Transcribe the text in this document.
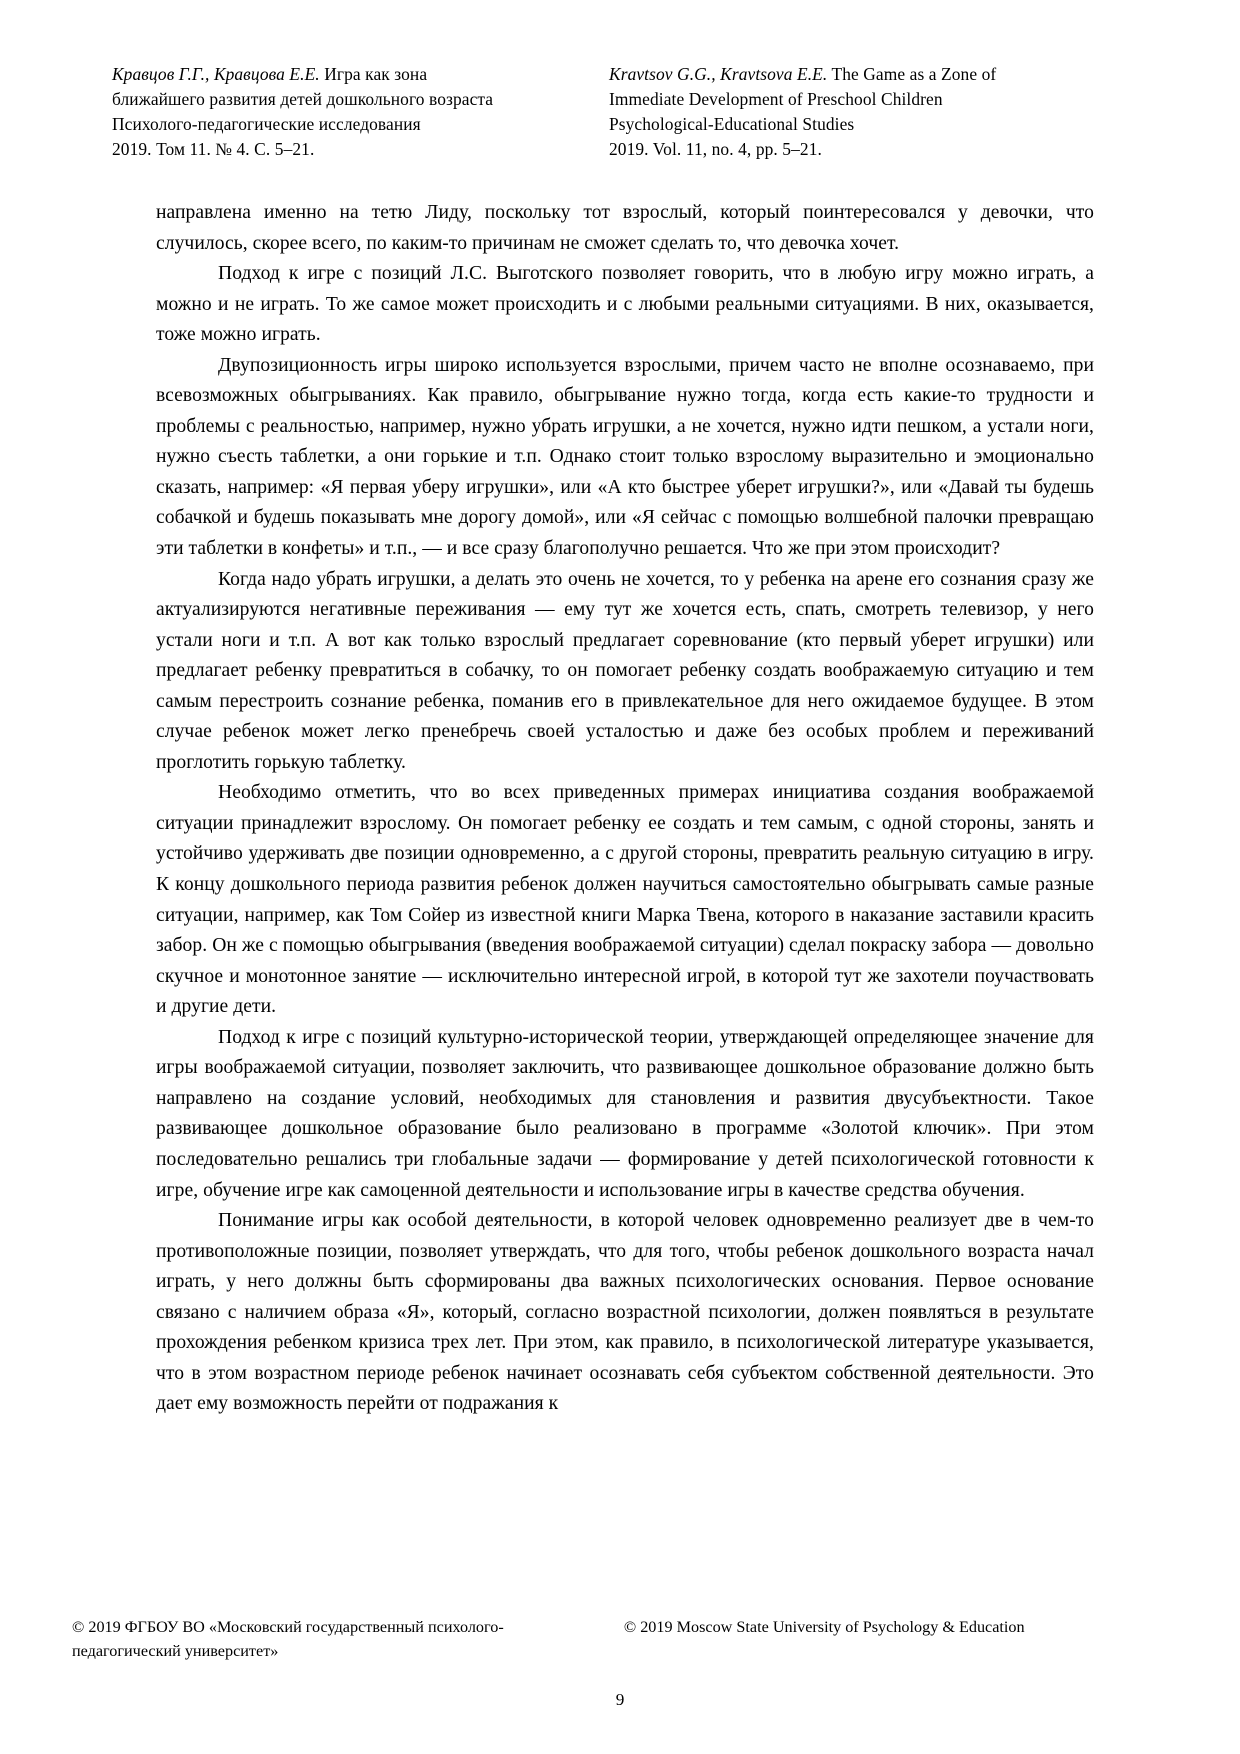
Кравцов Г.Г., Кравцова Е.Е. Игра как зона
ближайшего развития детей дошкольного возраста
Психолого-педагогические исследования
2019. Том 11. № 4. С. 5–21.
Kravtsov G.G., Kravtsova E.E. The Game as a Zone of
Immediate Development of Preschool Children
Psychological-Educational Studies
2019. Vol. 11, no. 4, pp. 5–21.

направлена именно на тетю Лиду, поскольку тот взрослый, который поинтересовался у девочки, что случилось, скорее всего, по каким-то причинам не сможет сделать то, что девочка хочет.

Подход к игре с позиций Л.С. Выготского позволяет говорить, что в любую игру можно играть, а можно и не играть. То же самое может происходить и с любыми реальными ситуациями. В них, оказывается, тоже можно играть.

Двупозиционность игры широко используется взрослыми, причем часто не вполне осознаваемо, при всевозможных обыгрываниях. Как правило, обыгрывание нужно тогда, когда есть какие-то трудности и проблемы с реальностью, например, нужно убрать игрушки, а не хочется, нужно идти пешком, а устали ноги, нужно съесть таблетки, а они горькие и т.п. Однако стоит только взрослому выразительно и эмоционально сказать, например: «Я первая уберу игрушки», или «А кто быстрее уберет игрушки?», или «Давай ты будешь собачкой и будешь показывать мне дорогу домой», или «Я сейчас с помощью волшебной палочки превращаю эти таблетки в конфеты» и т.п., — и все сразу благополучно решается. Что же при этом происходит?

Когда надо убрать игрушки, а делать это очень не хочется, то у ребенка на арене его сознания сразу же актуализируются негативные переживания — ему тут же хочется есть, спать, смотреть телевизор, у него устали ноги и т.п. А вот как только взрослый предлагает соревнование (кто первый уберет игрушки) или предлагает ребенку превратиться в собачку, то он помогает ребенку создать воображаемую ситуацию и тем самым перестроить сознание ребенка, поманив его в привлекательное для него ожидаемое будущее. В этом случае ребенок может легко пренебречь своей усталостью и даже без особых проблем и переживаний проглотить горькую таблетку.

Необходимо отметить, что во всех приведенных примерах инициатива создания воображаемой ситуации принадлежит взрослому. Он помогает ребенку ее создать и тем самым, с одной стороны, занять и устойчиво удерживать две позиции одновременно, а с другой стороны, превратить реальную ситуацию в игру. К концу дошкольного периода развития ребенок должен научиться самостоятельно обыгрывать самые разные ситуации, например, как Том Сойер из известной книги Марка Твена, которого в наказание заставили красить забор. Он же с помощью обыгрывания (введения воображаемой ситуации) сделал покраску забора — довольно скучное и монотонное занятие — исключительно интересной игрой, в которой тут же захотели поучаствовать и другие дети.

Подход к игре с позиций культурно-исторической теории, утверждающей определяющее значение для игры воображаемой ситуации, позволяет заключить, что развивающее дошкольное образование должно быть направлено на создание условий, необходимых для становления и развития двусубъектности. Такое развивающее дошкольное образование было реализовано в программе «Золотой ключик». При этом последовательно решались три глобальные задачи — формирование у детей психологической готовности к игре, обучение игре как самоценной деятельности и использование игры в качестве средства обучения.

Понимание игры как особой деятельности, в которой человек одновременно реализует две в чем-то противоположные позиции, позволяет утверждать, что для того, чтобы ребенок дошкольного возраста начал играть, у него должны быть сформированы два важных психологических основания. Первое основание связано с наличием образа «Я», который, согласно возрастной психологии, должен появляться в результате прохождения ребенком кризиса трех лет. При этом, как правило, в психологической литературе указывается, что в этом возрастном периоде ребенок начинает осознавать себя субъектом собственной деятельности. Это дает ему возможность перейти от подражания к

© 2019 ФГБОУ ВО «Московский государственный психолого-
педагогический университет»
© 2019 Moscow State University of Psychology & Education
9
